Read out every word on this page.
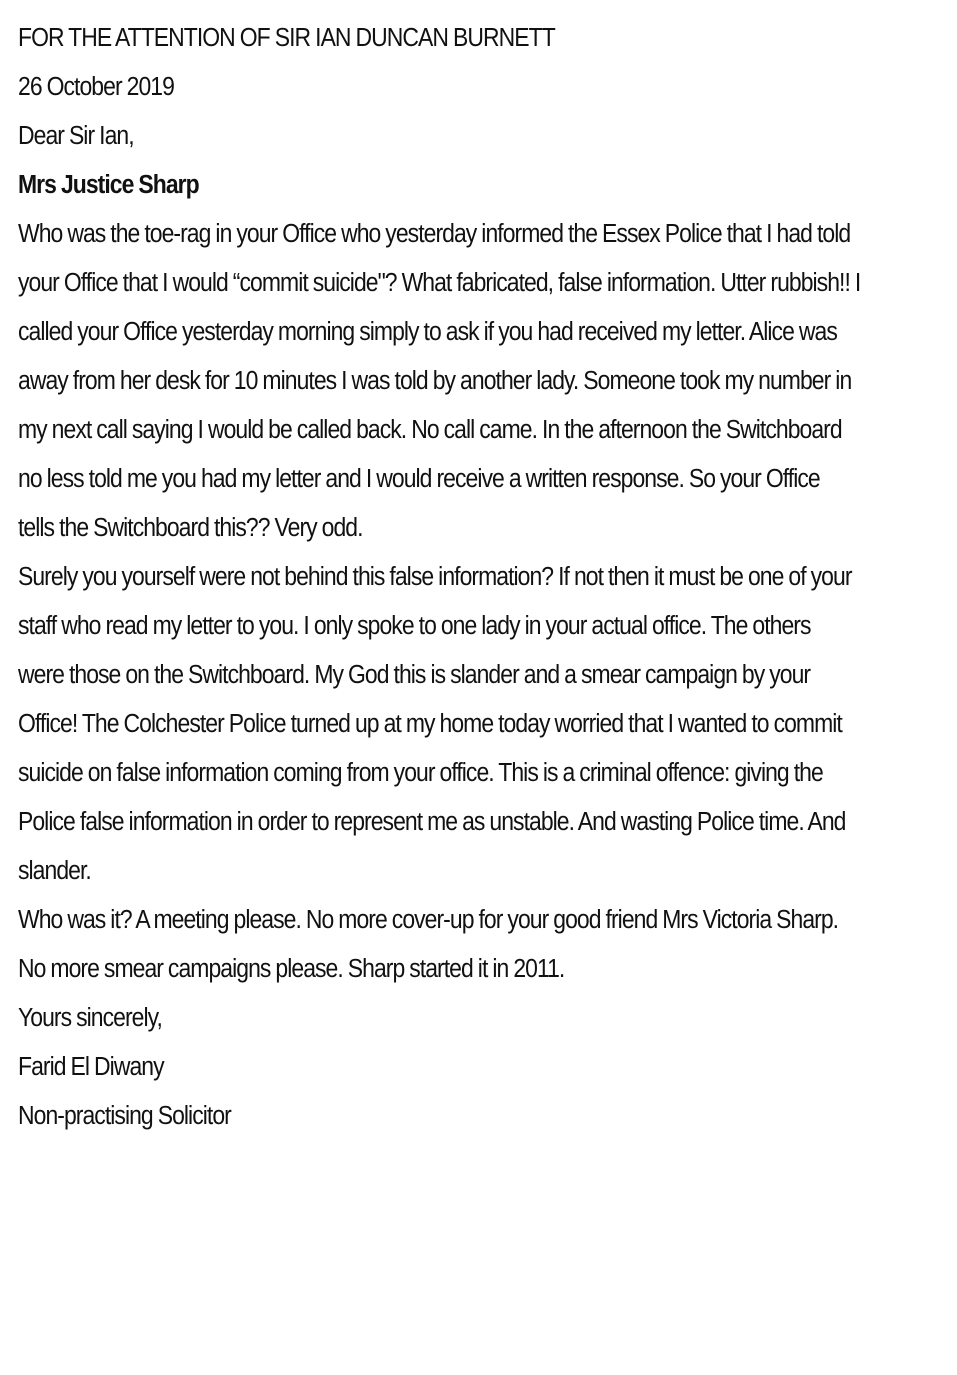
FOR THE ATTENTION OF SIR IAN DUNCAN BURNETT

26 October 2019

Dear Sir Ian,

Mrs Justice Sharp

Who was the toe-rag in your Office who yesterday informed the Essex Police that I had told your Office that I would “commit suicide"? What fabricated, false information. Utter rubbish!! I called your Office yesterday morning simply to ask if you had received my letter. Alice was away from her desk for 10 minutes I was told by another lady. Someone took my number in my next call saying I would be called back. No call came. In the afternoon the Switchboard no less told me you had my letter and I would receive a written response. So your Office tells the Switchboard this?? Very odd.

Surely you yourself were not behind this false information? If not then it must be one of your staff who read my letter to you. I only spoke to one lady in your actual office. The others were those on the Switchboard. My God this is slander and a smear campaign by your Office! The Colchester Police turned up at my home today worried that I wanted to commit suicide on false information coming from your office. This is a criminal offence: giving the Police false information in order to represent me as unstable. And wasting Police time. And slander.

Who was it? A meeting please. No more cover-up for your good friend Mrs Victoria Sharp. No more smear campaigns please. Sharp started it in 2011.

Yours sincerely,

Farid El Diwany

Non-practising Solicitor
